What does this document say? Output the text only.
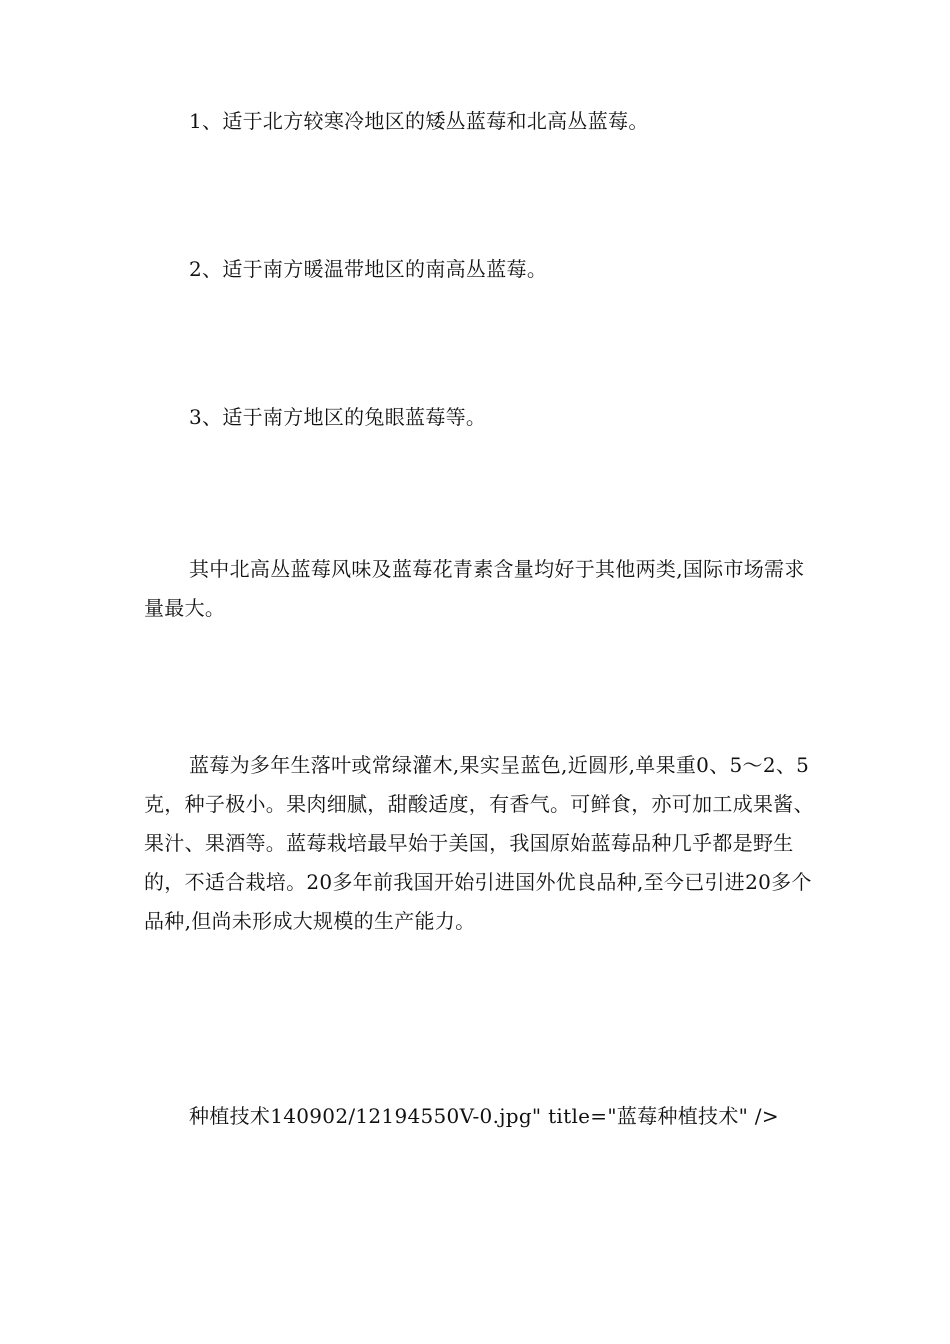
1、适于北方较寒冷地区的矮丛蓝莓和北高丛蓝莓。

2、适于南方暖温带地区的南高丛蓝莓。

3、适于南方地区的兔眼蓝莓等。

其中北高丛蓝莓风味及蓝莓花青素含量均好于其他两类,国际市场需求量最大。

蓝莓为多年生落叶或常绿灌木,果实呈蓝色,近圆形,单果重0、5～2、5克，种子极小。果肉细腻，甜酸适度，有香气。可鲜食，亦可加工成果酱、果汁、果酒等。蓝莓栽培最早始于美国，我国原始蓝莓品种几乎都是野生的，不适合栽培。20多年前我国开始引进国外优良品种,至今已引进20多个品种,但尚未形成大规模的生产能力。

种植技术140902/12194550V-0.jpg" title="蓝莓种植技术" />
